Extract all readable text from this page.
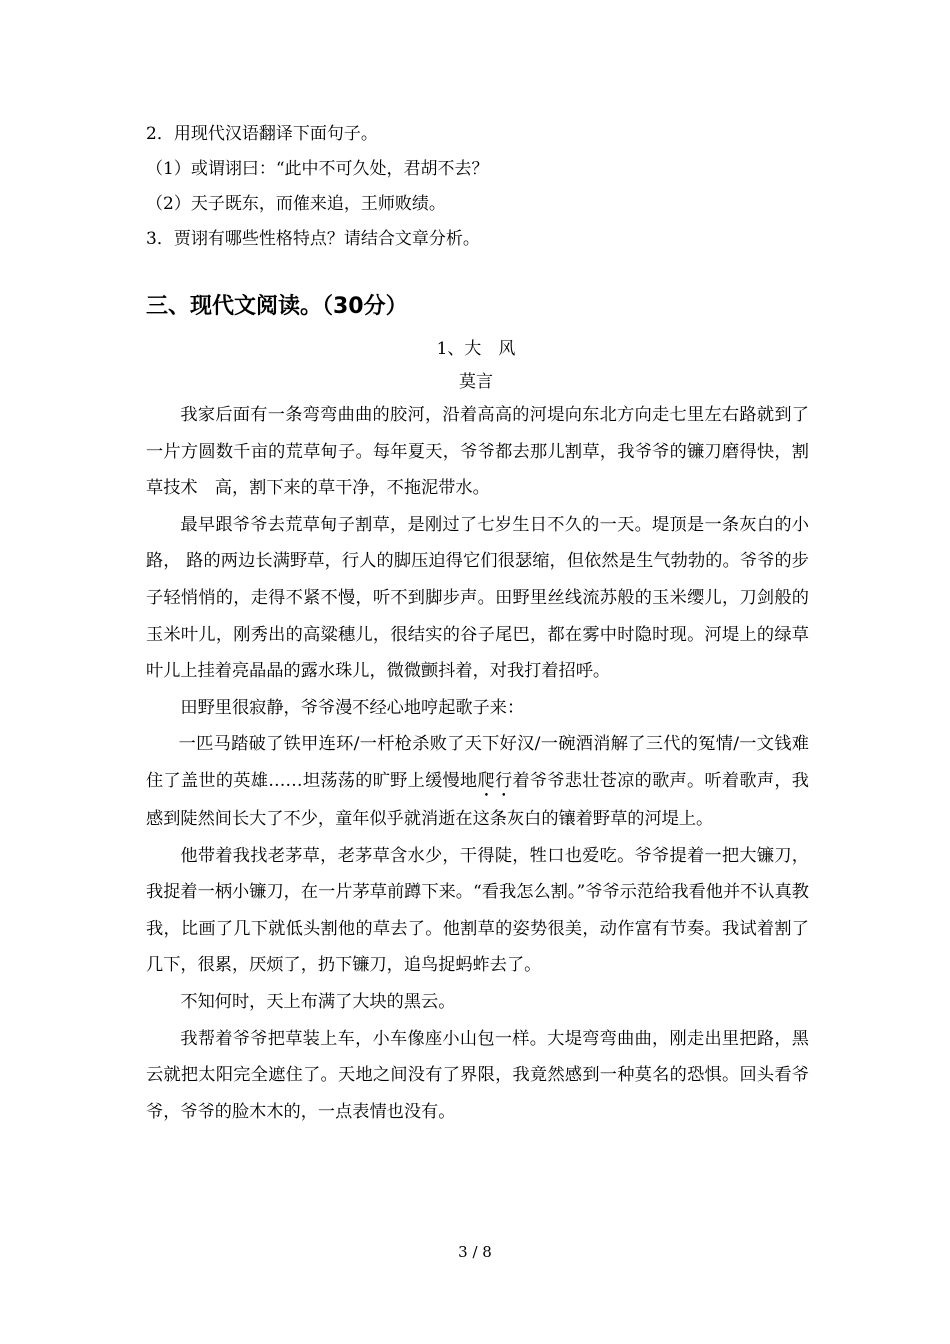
2．用现代汉语翻译下面句子。
（1）或谓诩曰：“此中不可久处，君胡不去？
（2）天子既东，而傕来追，王师败绩。
3．贾诩有哪些性格特点？请结合文章分析。
三、现代文阅读。（30分）
1、大　风
莫言

我家后面有一条弯弯曲曲的胶河，沿着高高的河堤向东北方向走七里左右路就到了一片方圆数千亩的荒草甸子。每年夏天，爷爷都去那儿割草，我爷爷的镰刀磨得快，割草技术　高，割下来的草干净，不拖泥带水。

最早跟爷爷去荒草甸子割草，是刚过了七岁生日不久的一天。堤顶是一条灰白的小路， 路的两边长满野草，行人的脚压迫得它们很瑟缩，但依然是生气勃勃的。爷爷的步子轻悄悄的，走得不紧不慢，听不到脚步声。田野里丝线流苏般的玉米缨儿，刀剑般的玉米叶儿，刚秀出的高粱穗儿，很结实的谷子尾巴，都在雾中时隐时现。河堤上的绿草叶儿上挂着亮晶晶的露水珠儿，微微颤抖着，对我打着招呼。

田野里很寂静，爷爷漫不经心地哼起歌子来：

一匹马踏破了铁甲连环/一杆枪杀败了天下好汉/一碗酒消解了三代的冤情/一文钱难住了盖世的英雄……坦荡荡的旷野上缓慢地爬行着爷爷悲壮苍凉的歌声。听着歌声，我感到陡然间长大了不少，童年似乎就消逝在这条灰白的镶着野草的河堤上。

他带着我找老茅草，老茅草含水少，干得陡，牲口也爱吃。爷爷提着一把大镰刀，我捉着一柄小镰刀，在一片茅草前蹲下来。“看我怎么割。”爷爷示范给我看他并不认真教我，比画了几下就低头割他的草去了。他割草的姿势很美，动作富有节奏。我试着割了几下，很累，厌烦了，扔下镰刀，追鸟捉蚂蚱去了。

不知何时，天上布满了大块的黑云。

我帮着爷爷把草装上车，小车像座小山包一样。大堤弯弯曲曲，刚走出里把路，黑云就把太阳完全遮住了。天地之间没有了界限，我竟然感到一种莫名的恐惧。回头看爷爷，爷爷的脸木木的，一点表情也没有。

3 / 8
